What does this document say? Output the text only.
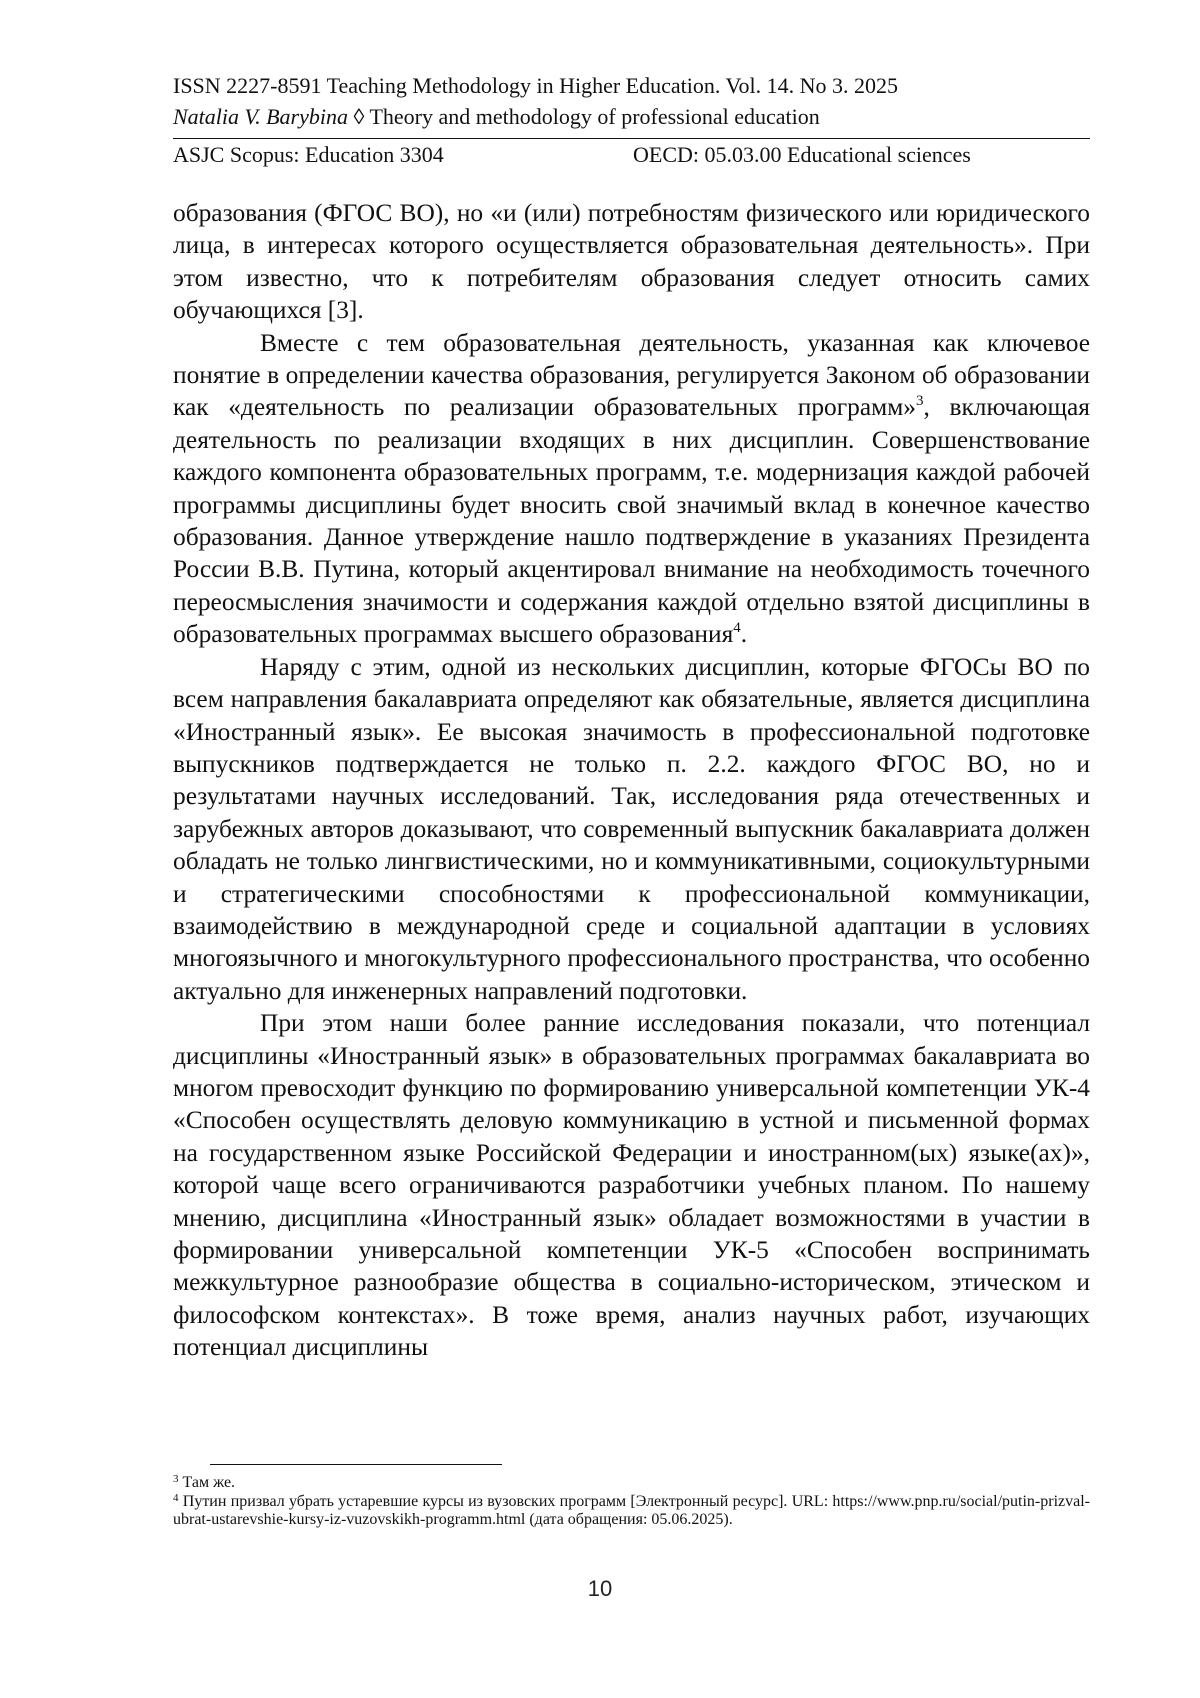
ISSN 2227-8591 Teaching Methodology in Higher Education. Vol. 14. No 3. 2025
Natalia V. Barybina ◊ Theory and methodology of professional education
ASJC Scopus: Education 3304	OECD: 05.03.00 Educational sciences

образования (ФГОС ВО), но «и (или) потребностям физического или юридического лица, в интересах которого осуществляется образовательная деятельность». При этом известно, что к потребителям образования следует относить самих обучающихся [3].

Вместе с тем образовательная деятельность, указанная как ключевое понятие в определении качества образования, регулируется Законом об образовании как «деятельность по реализации образовательных программ»$^3$, включающая деятельность по реализации входящих в них дисциплин. Совершенствование каждого компонента образовательных программ, т.е. модернизация каждой рабочей программы дисциплины будет вносить свой значимый вклад в конечное качество образования. Данное утверждение нашло подтверждение в указаниях Президента России В.В. Путина, который акцентировал внимание на необходимость точечного переосмысления значимости и содержания каждой отдельно взятой дисциплины в образовательных программах высшего образования$^4$.

Наряду с этим, одной из нескольких дисциплин, которые ФГОСы ВО по всем направления бакалавриата определяют как обязательные, является дисциплина «Иностранный язык». Ее высокая значимость в профессиональной подготовке выпускников подтверждается не только п. 2.2. каждого ФГОС ВО, но и результатами научных исследований. Так, исследования ряда отечественных и зарубежных авторов доказывают, что современный выпускник бакалавриата должен обладать не только лингвистическими, но и коммуникативными, социокультурными и стратегическими способностями к профессиональной коммуникации, взаимодействию в международной среде и социальной адаптации в условиях многоязычного и многокультурного профессионального пространства, что особенно актуально для инженерных направлений подготовки.

При этом наши более ранние исследования показали, что потенциал дисциплины «Иностранный язык» в образовательных программах бакалавриата во многом превосходит функцию по формированию универсальной компетенции УК-4 «Способен осуществлять деловую коммуникацию в устной и письменной формах на государственном языке Российской Федерации и иностранном(ых) языке(ах)», которой чаще всего ограничиваются разработчики учебных планом. По нашему мнению, дисциплина «Иностранный язык» обладает возможностями в участии в формировании универсальной компетенции УК-5 «Способен воспринимать межкультурное разнообразие общества в социально-историческом, этическом и философском контекстах». В тоже время, анализ научных работ, изучающих потенциал дисциплины

$^3$ Там же.

$^4$ Путин призвал убрать устаревшие курсы из вузовских программ [Электронный ресурс]. URL: https://www.pnp.ru/social/putin-prizval-ubrat-ustarevshie-kursy-iz-vuzovskikh-programm.html (дата обращения: 05.06.2025).

10
